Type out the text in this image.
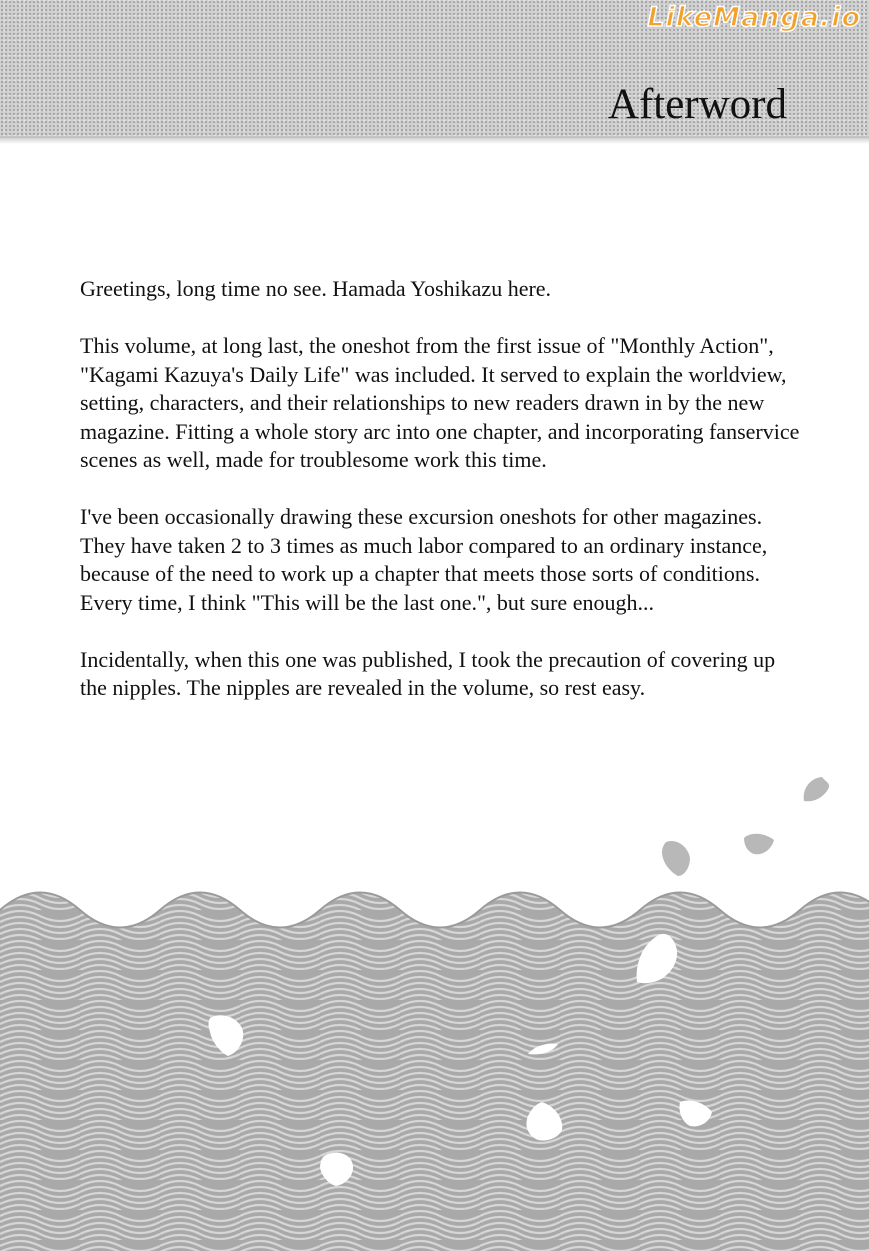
LikeManga.io
Afterword

Greetings, long time no see. Hamada Yoshikazu here.

This volume, at long last, the oneshot from the first issue of "Monthly Action", "Kagami Kazuya's Daily Life" was included. It served to explain the worldview, setting, characters, and their relationships to new readers drawn in by the new magazine. Fitting a whole story arc into one chapter, and incorporating fanservice scenes as well, made for troublesome work this time.

I've been occasionally drawing these excursion oneshots for other magazines. They have taken 2 to 3 times as much labor compared to an ordinary instance, because of the need to work up a chapter that meets those sorts of conditions. Every time, I think "This will be the last one.", but sure enough...

Incidentally, when this one was published, I took the precaution of covering up the nipples. The nipples are revealed in the volume, so rest easy.
